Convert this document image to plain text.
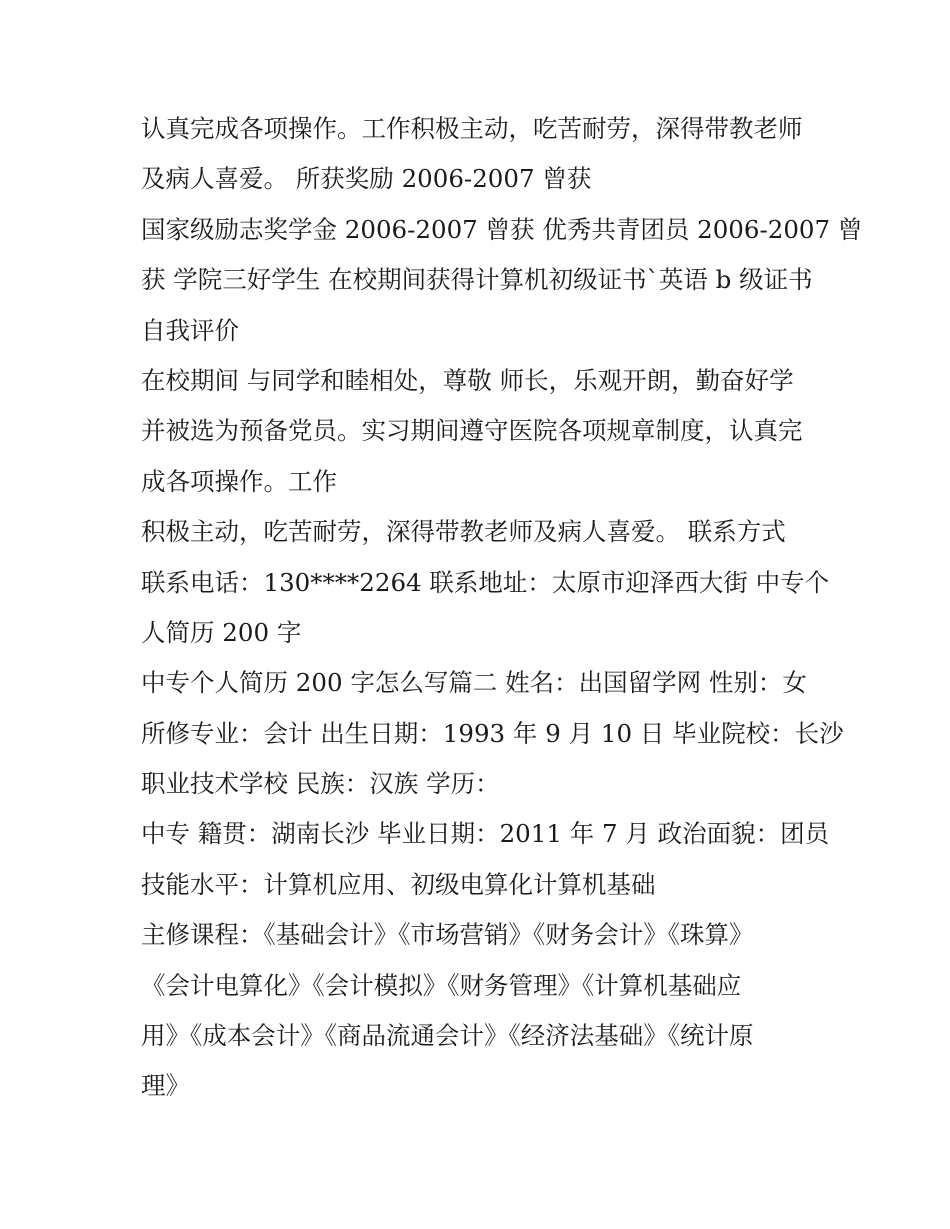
认真完成各项操作。工作积极主动，吃苦耐劳，深得带教老师
及病人喜爱。 所获奖励 2006-2007 曾获
国家级励志奖学金 2006-2007 曾获 优秀共青团员 2006-2007 曾
获 学院三好学生 在校期间获得计算机初级证书`英语 b 级证书
自我评价
在校期间 与同学和睦相处，尊敬 师长，乐观开朗，勤奋好学
并被选为预备党员。实习期间遵守医院各项规章制度，认真完
成各项操作。工作
积极主动，吃苦耐劳，深得带教老师及病人喜爱。 联系方式
联系电话：130****2264 联系地址：太原市迎泽西大街 中专个
人简历 200 字
中专个人简历 200 字怎么写篇二 姓名：出国留学网 性别：女
所修专业：会计 出生日期：1993 年 9 月 10 日 毕业院校：长沙
职业技术学校 民族：汉族 学历：
中专 籍贯：湖南长沙 毕业日期：2011 年 7 月 政治面貌：团员
技能水平：计算机应用、初级电算化计算机基础
主修课程：《基础会计》《市场营销》《财务会计》《珠算》
《会计电算化》《会计模拟》《财务管理》《计算机基础应
用》《成本会计》《商品流通会计》《经济法基础》《统计原
理》
